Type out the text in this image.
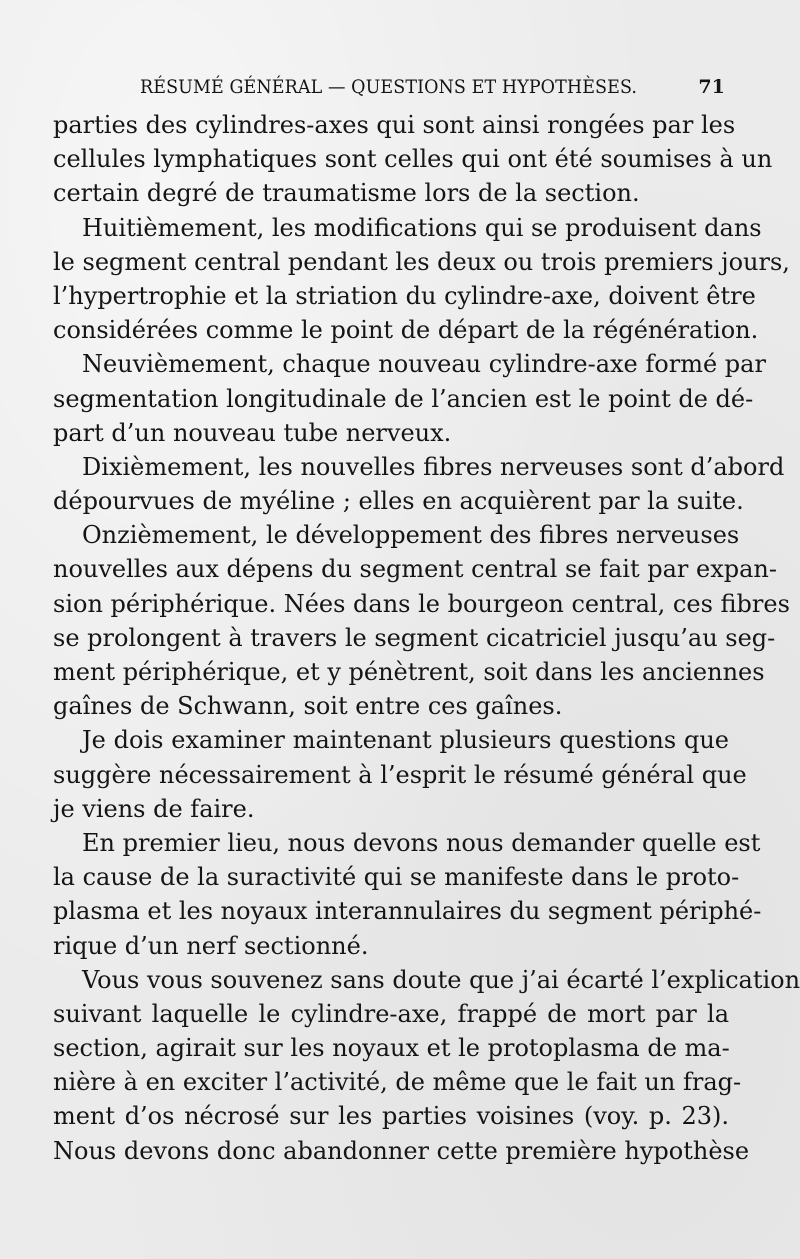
RÉSUMÉ GÉNÉRAL — QUESTIONS ET HYPOTHÈSES.	71
parties des cylindres-axes qui sont ainsi rongées par les
cellules lymphatiques sont celles qui ont été soumises à un
certain degré de traumatisme lors de la section.
Huitièmement, les modifications qui se produisent dans
le segment central pendant les deux ou trois premiers jours,
l’hypertrophie et la striation du cylindre-axe, doivent être
considérées comme le point de départ de la régénération.
Neuvièmement, chaque nouveau cylindre-axe formé par
segmentation longitudinale de l’ancien est le point de dé-
part d’un nouveau tube nerveux.
Dixièmement, les nouvelles fibres nerveuses sont d’abord
dépourvues de myéline ; elles en acquièrent par la suite.
Onzièmement, le développement des fibres nerveuses
nouvelles aux dépens du segment central se fait par expan-
sion périphérique. Nées dans le bourgeon central, ces fibres
se prolongent à travers le segment cicatriciel jusqu’au seg-
ment périphérique, et y pénètrent, soit dans les anciennes
gaînes de Schwann, soit entre ces gaînes.
Je dois examiner maintenant plusieurs questions que
suggère nécessairement à l’esprit le résumé général que
je viens de faire.
En premier lieu, nous devons nous demander quelle est
la cause de la suractivité qui se manifeste dans le proto-
plasma et les noyaux interannulaires du segment périphé-
rique d’un nerf sectionné.
Vous vous souvenez sans doute que j’ai écarté l’explication
suivant laquelle le cylindre-axe, frappé de mort par la
section, agirait sur les noyaux et le protoplasma de ma-
nière à en exciter l’activité, de même que le fait un frag-
ment d’os nécrosé sur les parties voisines (voy. p. 23).
Nous devons donc abandonner cette première hypothèse
